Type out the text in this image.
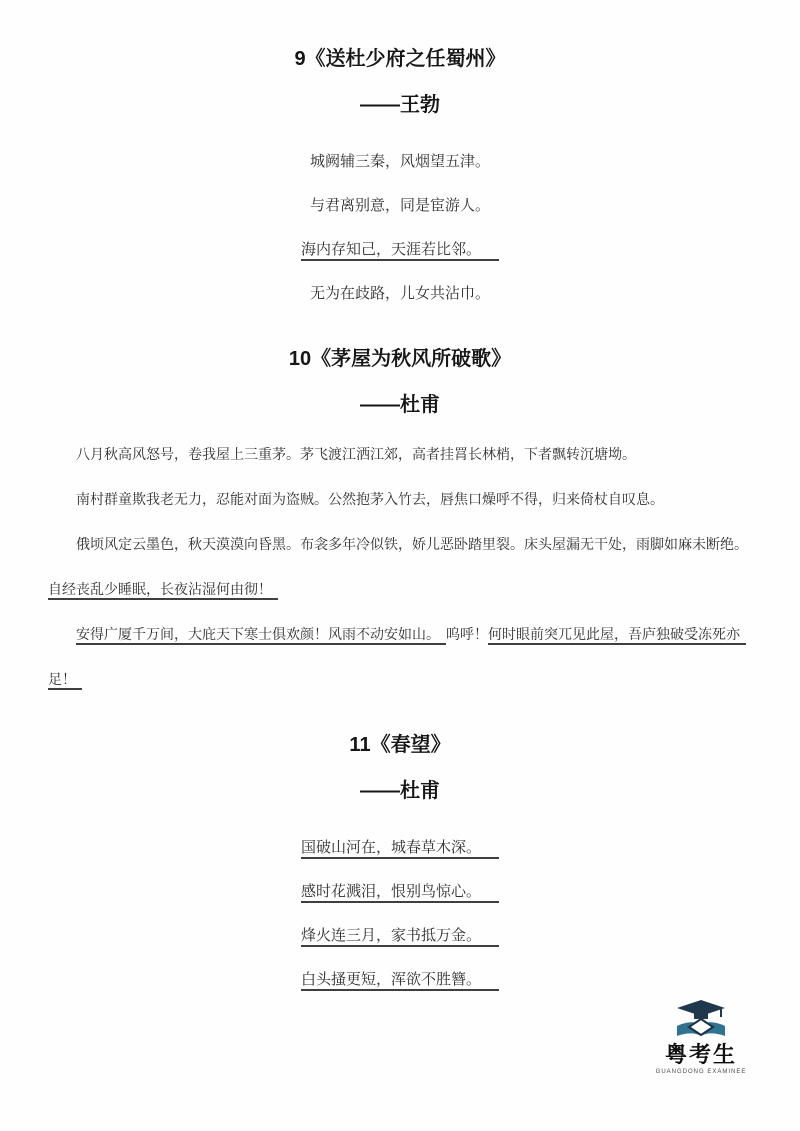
9《送杜少府之任蜀州》
——王勃
城阙辅三秦，风烟望五津。
与君离别意，同是宦游人。
海内存知己，天涯若比邻。
无为在歧路，儿女共沾巾。
10《茅屋为秋风所破歌》
——杜甫
八月秋高风怒号，卷我屋上三重茅。茅飞渡江洒江郊，高者挂罥长林梢，下者飘转沉塘坳。
南村群童欺我老无力，忍能对面为盗贼。公然抱茅入竹去，唇焦口燥呼不得，归来倚杖自叹息。
俄顷风定云墨色，秋天漠漠向昏黑。布衾多年冷似铁，娇儿恶卧踏里裂。床头屋漏无干处，雨脚如麻未断绝。
自经丧乱少睡眠，长夜沾湿何由彻！
安得广厦千万间，大庇天下寒士俱欢颜！风雨不动安如山。 呜呼！何时眼前突兀见此屋，吾庐独破受冻死亦
足！
11《春望》
——杜甫
国破山河在，城春草木深。
感时花溅泪，恨别鸟惊心。
烽火连三月，家书抵万金。
白头搔更短，浑欲不胜簪。
粤考生
GUANGDONG EXAMINEE
